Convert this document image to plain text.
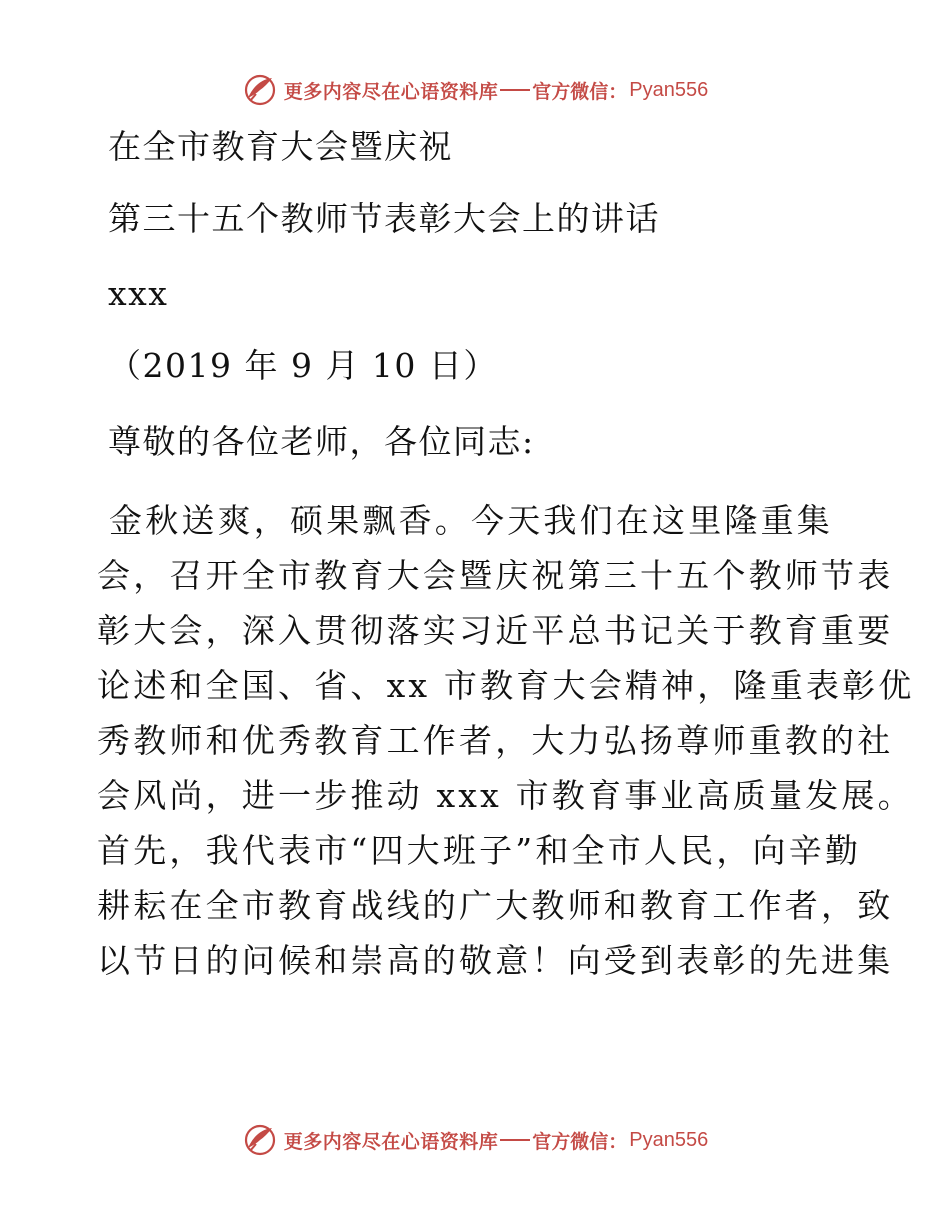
更多内容尽在心语资料库 官方微信： Pyan556
在全市教育大会暨庆祝
第三十五个教师节表彰大会上的讲话
xxx
（2019 年 9 月 10 日）
尊敬的各位老师，各位同志:
金秋送爽，硕果飘香。今天我们在这里隆重集
会，召开全市教育大会暨庆祝第三十五个教师节表
彰大会，深入贯彻落实习近平总书记关于教育重要
论述和全国、省、xx 市教育大会精神，隆重表彰优
秀教师和优秀教育工作者，大力弘扬尊师重教的社
会风尚，进一步推动 xxx 市教育事业高质量发展。
首先，我代表市“四大班子”和全市人民，向辛勤
耕耘在全市教育战线的广大教师和教育工作者，致
以节日的问候和崇高的敬意！向受到表彰的先进集
更多内容尽在心语资料库 官方微信： Pyan556
